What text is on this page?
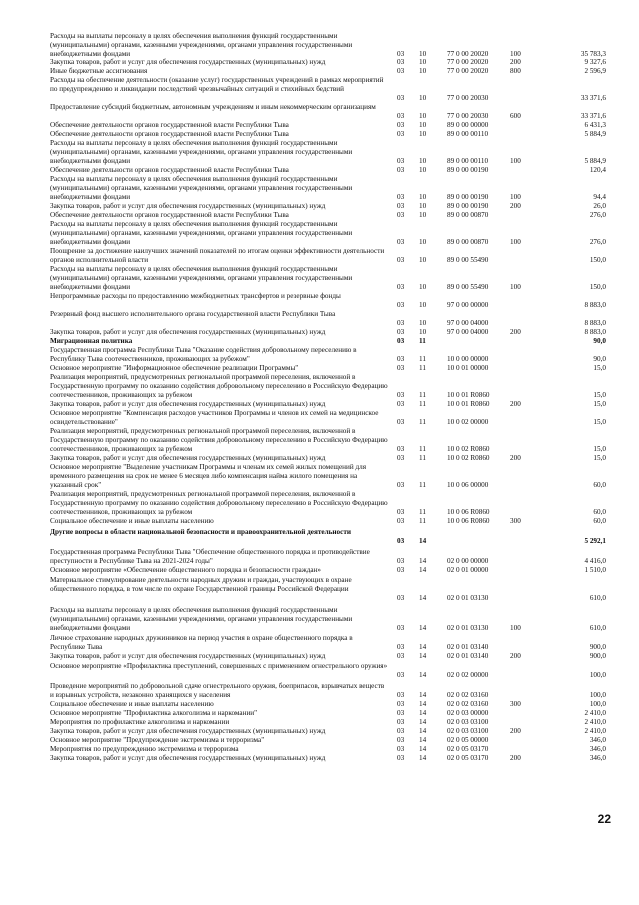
Расходы на выплаты персоналу в целях обеспечения выполнения функций государственными (муниципальными) органами, казенными учреждениями, органами управления государственными внебюджетными фондами	03	10	77 0 00 20020	100	35 783,3
Закупка товаров, работ и услуг для обеспечения государственных (муниципальных) нужд	03	10	77 0 00 20020	200	9 327,6
Иные бюджетные ассигнования	03	10	77 0 00 20020	800	2 596,9
Расходы на обеспечение деятельности (оказание услуг) государственных учреждений в рамках мероприятий по предупреждению и ликвидации последствий чрезвычайных ситуаций и стихийных бедствий
03	10	77 0 00 20030	33 371,6
Предоставление субсидий бюджетным, автономным учреждениям и иным некоммерческим организациям
03	10	77 0 00 20030	600	33 371,6
Обеспечение деятельности органов государственной власти Республики Тыва	03	10	89 0 00 00000	6 431,3
Обеспечение деятельности органов государственной власти Республики Тыва	03	10	89 0 00 00110	5 884,9
Расходы на выплаты персоналу в целях обеспечения выполнения функций государственными (муниципальными) органами, казенными учреждениями, органами управления государственными внебюджетными фондами	03	10	89 0 00 00110	100	5 884,9
Обеспечение деятельности органов государственной власти Республики Тыва	03	10	89 0 00 00190	120,4
Расходы на выплаты персоналу в целях обеспечения выполнения функций государственными (муниципальными) органами, казенными учреждениями, органами управления государственными внебюджетными фондами	03	10	89 0 00 00190	100	94,4
Закупка товаров, работ и услуг для обеспечения государственных (муниципальных) нужд	03	10	89 0 00 00190	200	26,0
Обеспечение деятельности органов государственной власти Республики Тыва	03	10	89 0 00 00870	276,0
Расходы на выплаты персоналу в целях обеспечения выполнения функций государственными (муниципальными) органами, казенными учреждениями, органами управления государственными внебюджетными фондами	03	10	89 0 00 00870	100	276,0
Поощрение за достижение наилучших значений показателей по итогам оценки эффективности деятельности органов исполнительной власти	03	10	89 0 00 55490	150,0
Расходы на выплаты персоналу в целях обеспечения выполнения функций государственными (муниципальными) органами, казенными учреждениями, органами управления государственными внебюджетными фондами	03	10	89 0 00 55490	100	150,0
Непрограммные расходы по предоставлению межбюджетных трансфертов и резервные фонды
03	10	97 0 00 00000	8 883,0
Резервный фонд высшего исполнительного органа государственной власти Республики Тыва
03	10	97 0 00 04000	8 883,0
Закупка товаров, работ и услуг для обеспечения государственных (муниципальных) нужд	03	10	97 0 00 04000	200	8 883,0
Миграционная политика	03	11	90,0
Государственная программа Республики Тыва "Оказание содействия добровольному переселению в Республику Тыва соотечественников, проживающих за рубежом"	03	11	10 0 00 00000	90,0
Основное мероприятие "Информационное обеспечение реализации Программы"	03	11	10 0 01 00000	15,0
Реализация мероприятий, предусмотренных региональной программой переселения, включенной в Государственную программу по оказанию содействия добровольному переселению в Российскую Федерацию соотечественников, проживающих за рубежом	03	11	10 0 01 R0860	15,0
Закупка товаров, работ и услуг для обеспечения государственных (муниципальных) нужд	03	11	10 0 01 R0860	200	15,0
Основное мероприятие "Компенсация расходов участников Программы и членов их семей на медицинское освидетельствование"	03	11	10 0 02 00000	15,0
Реализация мероприятий, предусмотренных региональной программой переселения, включенной в Государственную программу по оказанию содействия добровольному переселению в Российскую Федерацию соотечественников, проживающих за рубежом	03	11	10 0 02 R0860	15,0
Закупка товаров, работ и услуг для обеспечения государственных (муниципальных) нужд	03	11	10 0 02 R0860	200	15,0
Основное мероприятие "Выделение участникам Программы и членам их семей жилых помещений для временного размещения на срок не менее 6 месяцев либо компенсация найма жилого помещения на указанный срок"	03	11	10 0 06 00000	60,0
Реализация мероприятий, предусмотренных региональной программой переселения, включенной в Государственную программу по оказанию содействия добровольному переселению в Российскую Федерацию соотечественников, проживающих за рубежом	03	11	10 0 06 R0860	60,0
Социальное обеспечение и иные выплаты населению	03	11	10 0 06 R0860	300	60,0
Другие вопросы в области национальной безопасности и правоохранительной деятельности
03	14	5 292,1
Государственная программа Республики Тыва "Обеспечение общественного порядка и противодействие преступности в Республике Тыва на 2021-2024 годы"	03	14	02 0 00 00000	4 416,0
Основное мероприятие «Обеспечение общественного порядка и безопасности граждан»	03	14	02 0 01 00000	1 510,0
Материальное стимулирование деятельности народных дружин и граждан, участвующих в охране общественного порядка, в том числе по охране Государственной границы Российской Федерации
03	14	02 0 01 03130	610,0
Расходы на выплаты персоналу в целях обеспечения выполнения функций государственными (муниципальными) органами, казенными учреждениями, органами управления государственными внебюджетными фондами	03	14	02 0 01 03130	100	610,0
Личное страхование народных дружинников на период участия в охране общественного порядка в Республике Тыва	03	14	02 0 01 03140	900,0
Закупка товаров, работ и услуг для обеспечения государственных (муниципальных) нужд	03	14	02 0 01 03140	200	900,0
Основное мероприятие «Профилактика преступлений, совершенных с применением огнестрельного оружия»
03	14	02 0 02 00000	100,0
Проведение мероприятий по добровольной сдаче огнестрельного оружия, боеприпасов, взрывчатых веществ и взрывных устройств, незаконно хранящихся у населения	03	14	02 0 02 03160	100,0
Социальное обеспечение и иные выплаты населению	03	14	02 0 02 03160	300	100,0
Основное мероприятие "Профилактика алкоголизма и наркомании"	03	14	02 0 03 00000	2 410,0
Мероприятия по профилактике алкоголизма и наркомании	03	14	02 0 03 03100	2 410,0
Закупка товаров, работ и услуг для обеспечения государственных (муниципальных) нужд	03	14	02 0 03 03100	200	2 410,0
Основное мероприятие "Предупреждение экстремизма и терроризма"	03	14	02 0 05 00000	346,0
Мероприятия по предупреждению экстремизма и терроризма	03	14	02 0 05 03170	346,0
Закупка товаров, работ и услуг для обеспечения государственных (муниципальных) нужд	03	14	02 0 05 03170	200	346,0
22
